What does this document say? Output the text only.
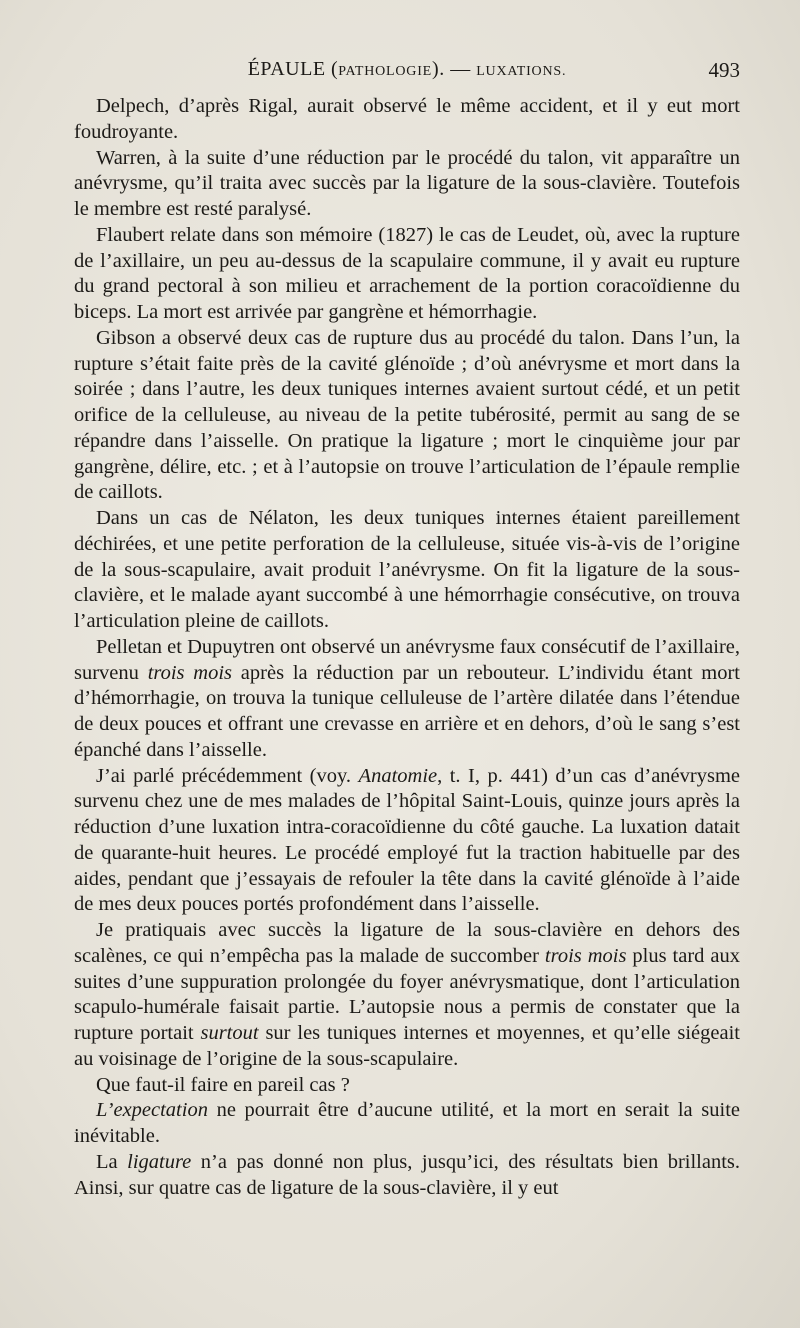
ÉPAULE (PATHOLOGIE). — LUXATIONS.	493

Delpech, d’après Rigal, aurait observé le même accident, et il y eut mort foudroyante.

Warren, à la suite d’une réduction par le procédé du talon, vit apparaître un anévrysme, qu’il traita avec succès par la ligature de la sous-clavière. Toutefois le membre est resté paralysé.

Flaubert relate dans son mémoire (1827) le cas de Leudet, où, avec la rupture de l’axillaire, un peu au-dessus de la scapulaire commune, il y avait eu rupture du grand pectoral à son milieu et arrachement de la portion coracoïdienne du biceps. La mort est arrivée par gangrène et hémorrhagie.

Gibson a observé deux cas de rupture dus au procédé du talon. Dans l’un, la rupture s’était faite près de la cavité glénoïde ; d’où anévrysme et mort dans la soirée ; dans l’autre, les deux tuniques internes avaient surtout cédé, et un petit orifice de la celluleuse, au niveau de la petite tubérosité, permit au sang de se répandre dans l’aisselle. On pratique la ligature ; mort le cinquième jour par gangrène, délire, etc. ; et à l’autopsie on trouve l’articulation de l’épaule remplie de caillots.

Dans un cas de Nélaton, les deux tuniques internes étaient pareillement déchirées, et une petite perforation de la celluleuse, située vis-à-vis de l’origine de la sous-scapulaire, avait produit l’anévrysme. On fit la ligature de la sous-clavière, et le malade ayant succombé à une hémorrhagie consécutive, on trouva l’articulation pleine de caillots.

Pelletan et Dupuytren ont observé un anévrysme faux consécutif de l’axillaire, survenu trois mois après la réduction par un rebouteur. L’individu étant mort d’hémorrhagie, on trouva la tunique celluleuse de l’artère dilatée dans l’étendue de deux pouces et offrant une crevasse en arrière et en dehors, d’où le sang s’est épanché dans l’aisselle.

J’ai parlé précédemment (voy. Anatomie, t. I, p. 441) d’un cas d’anévrysme survenu chez une de mes malades de l’hôpital Saint-Louis, quinze jours après la réduction d’une luxation intra-coracoïdienne du côté gauche. La luxation datait de quarante-huit heures. Le procédé employé fut la traction habituelle par des aides, pendant que j’essayais de refouler la tête dans la cavité glénoïde à l’aide de mes deux pouces portés profondément dans l’aisselle.

Je pratiquais avec succès la ligature de la sous-clavière en dehors des scalènes, ce qui n’empêcha pas la malade de succomber trois mois plus tard aux suites d’une suppuration prolongée du foyer anévrysmatique, dont l’articulation scapulo-humérale faisait partie. L’autopsie nous a permis de constater que la rupture portait surtout sur les tuniques internes et moyennes, et qu’elle siégeait au voisinage de l’origine de la sous-scapulaire.

Que faut-il faire en pareil cas ?

L’expectation ne pourrait être d’aucune utilité, et la mort en serait la suite inévitable.

La ligature n’a pas donné non plus, jusqu’ici, des résultats bien brillants. Ainsi, sur quatre cas de ligature de la sous-clavière, il y eut
